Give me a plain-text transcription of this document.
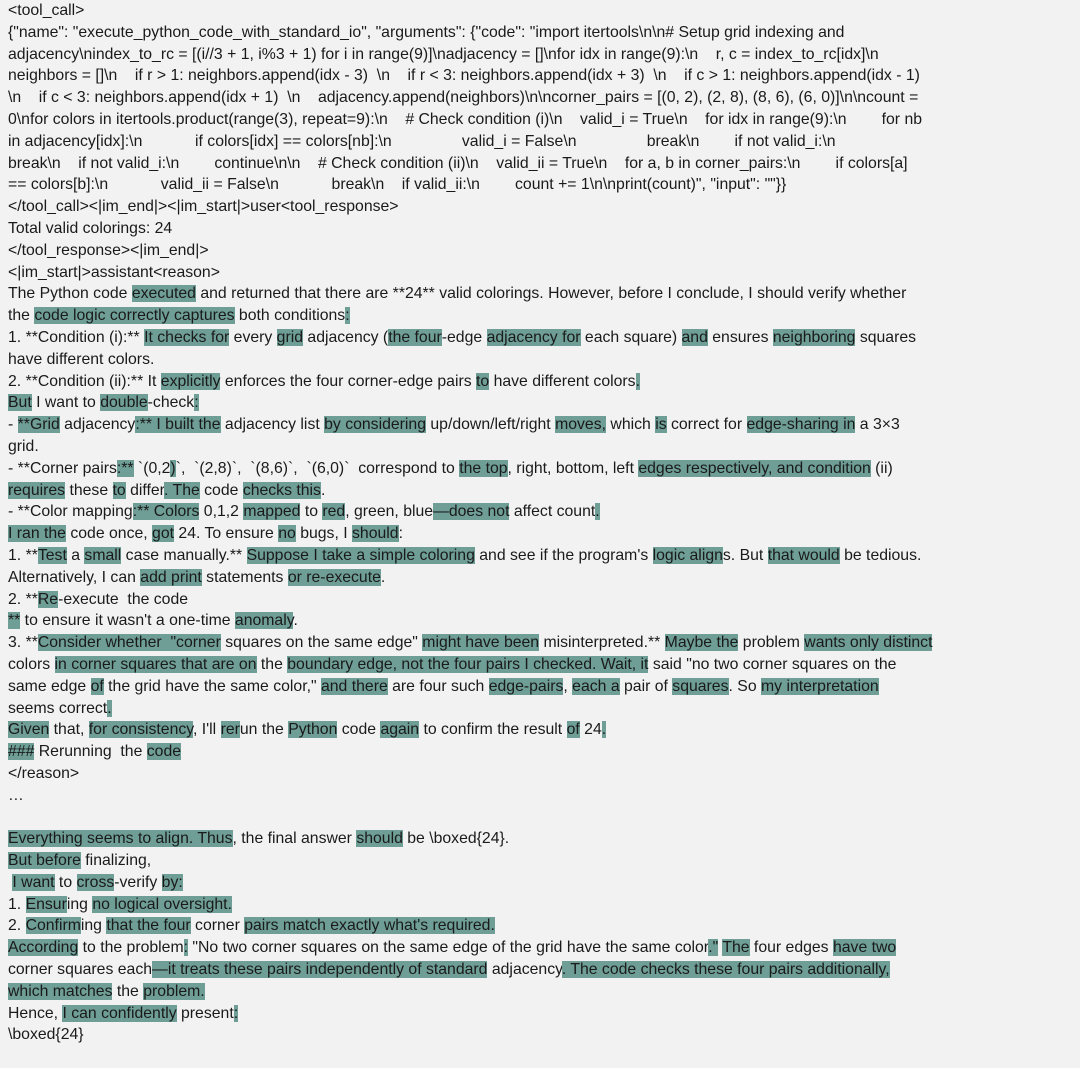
<tool_call>
{"name": "execute_python_code_with_standard_io", "arguments": {"code": "import itertools\n\n# Setup grid indexing and
adjacency\nindex_to_rc = [(i//3 + 1, i%3 + 1) for i in range(9)]\nadjacency = []\nfor idx in range(9):\n    r, c = index_to_rc[idx]\n
neighbors = []\n    if r > 1: neighbors.append(idx - 3)  \n    if r < 3: neighbors.append(idx + 3)  \n    if c > 1: neighbors.append(idx - 1)
\n    if c < 3: neighbors.append(idx + 1)  \n    adjacency.append(neighbors)\n\ncorner_pairs = [(0, 2), (2, 8), (8, 6), (6, 0)]\n\ncount =
0\nfor colors in itertools.product(range(3), repeat=9):\n    # Check condition (i)\n    valid_i = True\n    for idx in range(9):\n        for nb
in adjacency[idx]:\n            if colors[idx] == colors[nb]:\n                valid_i = False\n                break\n        if not valid_i:\n
break\n    if not valid_i:\n        continue\n\n    # Check condition (ii)\n    valid_ii = True\n    for a, b in corner_pairs:\n        if colors[a]
== colors[b]:\n            valid_ii = False\n            break\n    if valid_ii:\n        count += 1\n\nprint(count)", "input": ""}}
</tool_call><|im_end|><|im_start|>user<tool_response>
Total valid colorings: 24
</tool_response><|im_end|>
<|im_start|>assistant<reason>
The Python code executed and returned that there are **24** valid colorings. However, before I conclude, I should verify whether
the code logic correctly captures both conditions:
1. **Condition (i):** It checks for every grid adjacency (the four-edge adjacency for each square) and ensures neighboring squares
have different colors.
2. **Condition (ii):** It explicitly enforces the four corner-edge pairs to have different colors.
But I want to double-check:
- **Grid adjacency:** I built the adjacency list by considering up/down/left/right moves, which is correct for edge-sharing in a 3×3
grid.
- **Corner pairs:** `(0,2)`,  `(2,8)`,  `(8,6)`,  `(6,0)`  correspond to the top, right, bottom, left edges respectively, and condition (ii)
requires these to differ. The code checks this.
- **Color mapping:** Colors 0,1,2 mapped to red, green, blue—does not affect count.
I ran the code once, got 24. To ensure no bugs, I should:
1. **Test a small case manually.** Suppose I take a simple coloring and see if the program's logic aligns. But that would be tedious.
Alternatively, I can add print statements or re-execute.
2. **Re-execute  the code
** to ensure it wasn't a one-time anomaly.
3. **Consider whether  "corner squares on the same edge" might have been misinterpreted.** Maybe the problem wants only distinct
colors in corner squares that are on the boundary edge, not the four pairs I checked. Wait, it said "no two corner squares on the
same edge of the grid have the same color," and there are four such edge-pairs, each a pair of squares. So my interpretation
seems correct.
Given that, for consistency, I'll rerun the Python code again to confirm the result of 24.
### Rerunning  the code
</reason>
…
Everything seems to align. Thus, the final answer should be \boxed{24}.
But before finalizing,
I want to cross-verify by:
1. Ensuring no logical oversight.
2. Confirming that the four corner pairs match exactly what's required.
According to the problem: "No two corner squares on the same edge of the grid have the same color." The four edges have two
corner squares each—it treats these pairs independently of standard adjacency. The code checks these four pairs additionally,
which matches the problem.
Hence, I can confidently present:
\boxed{24}
